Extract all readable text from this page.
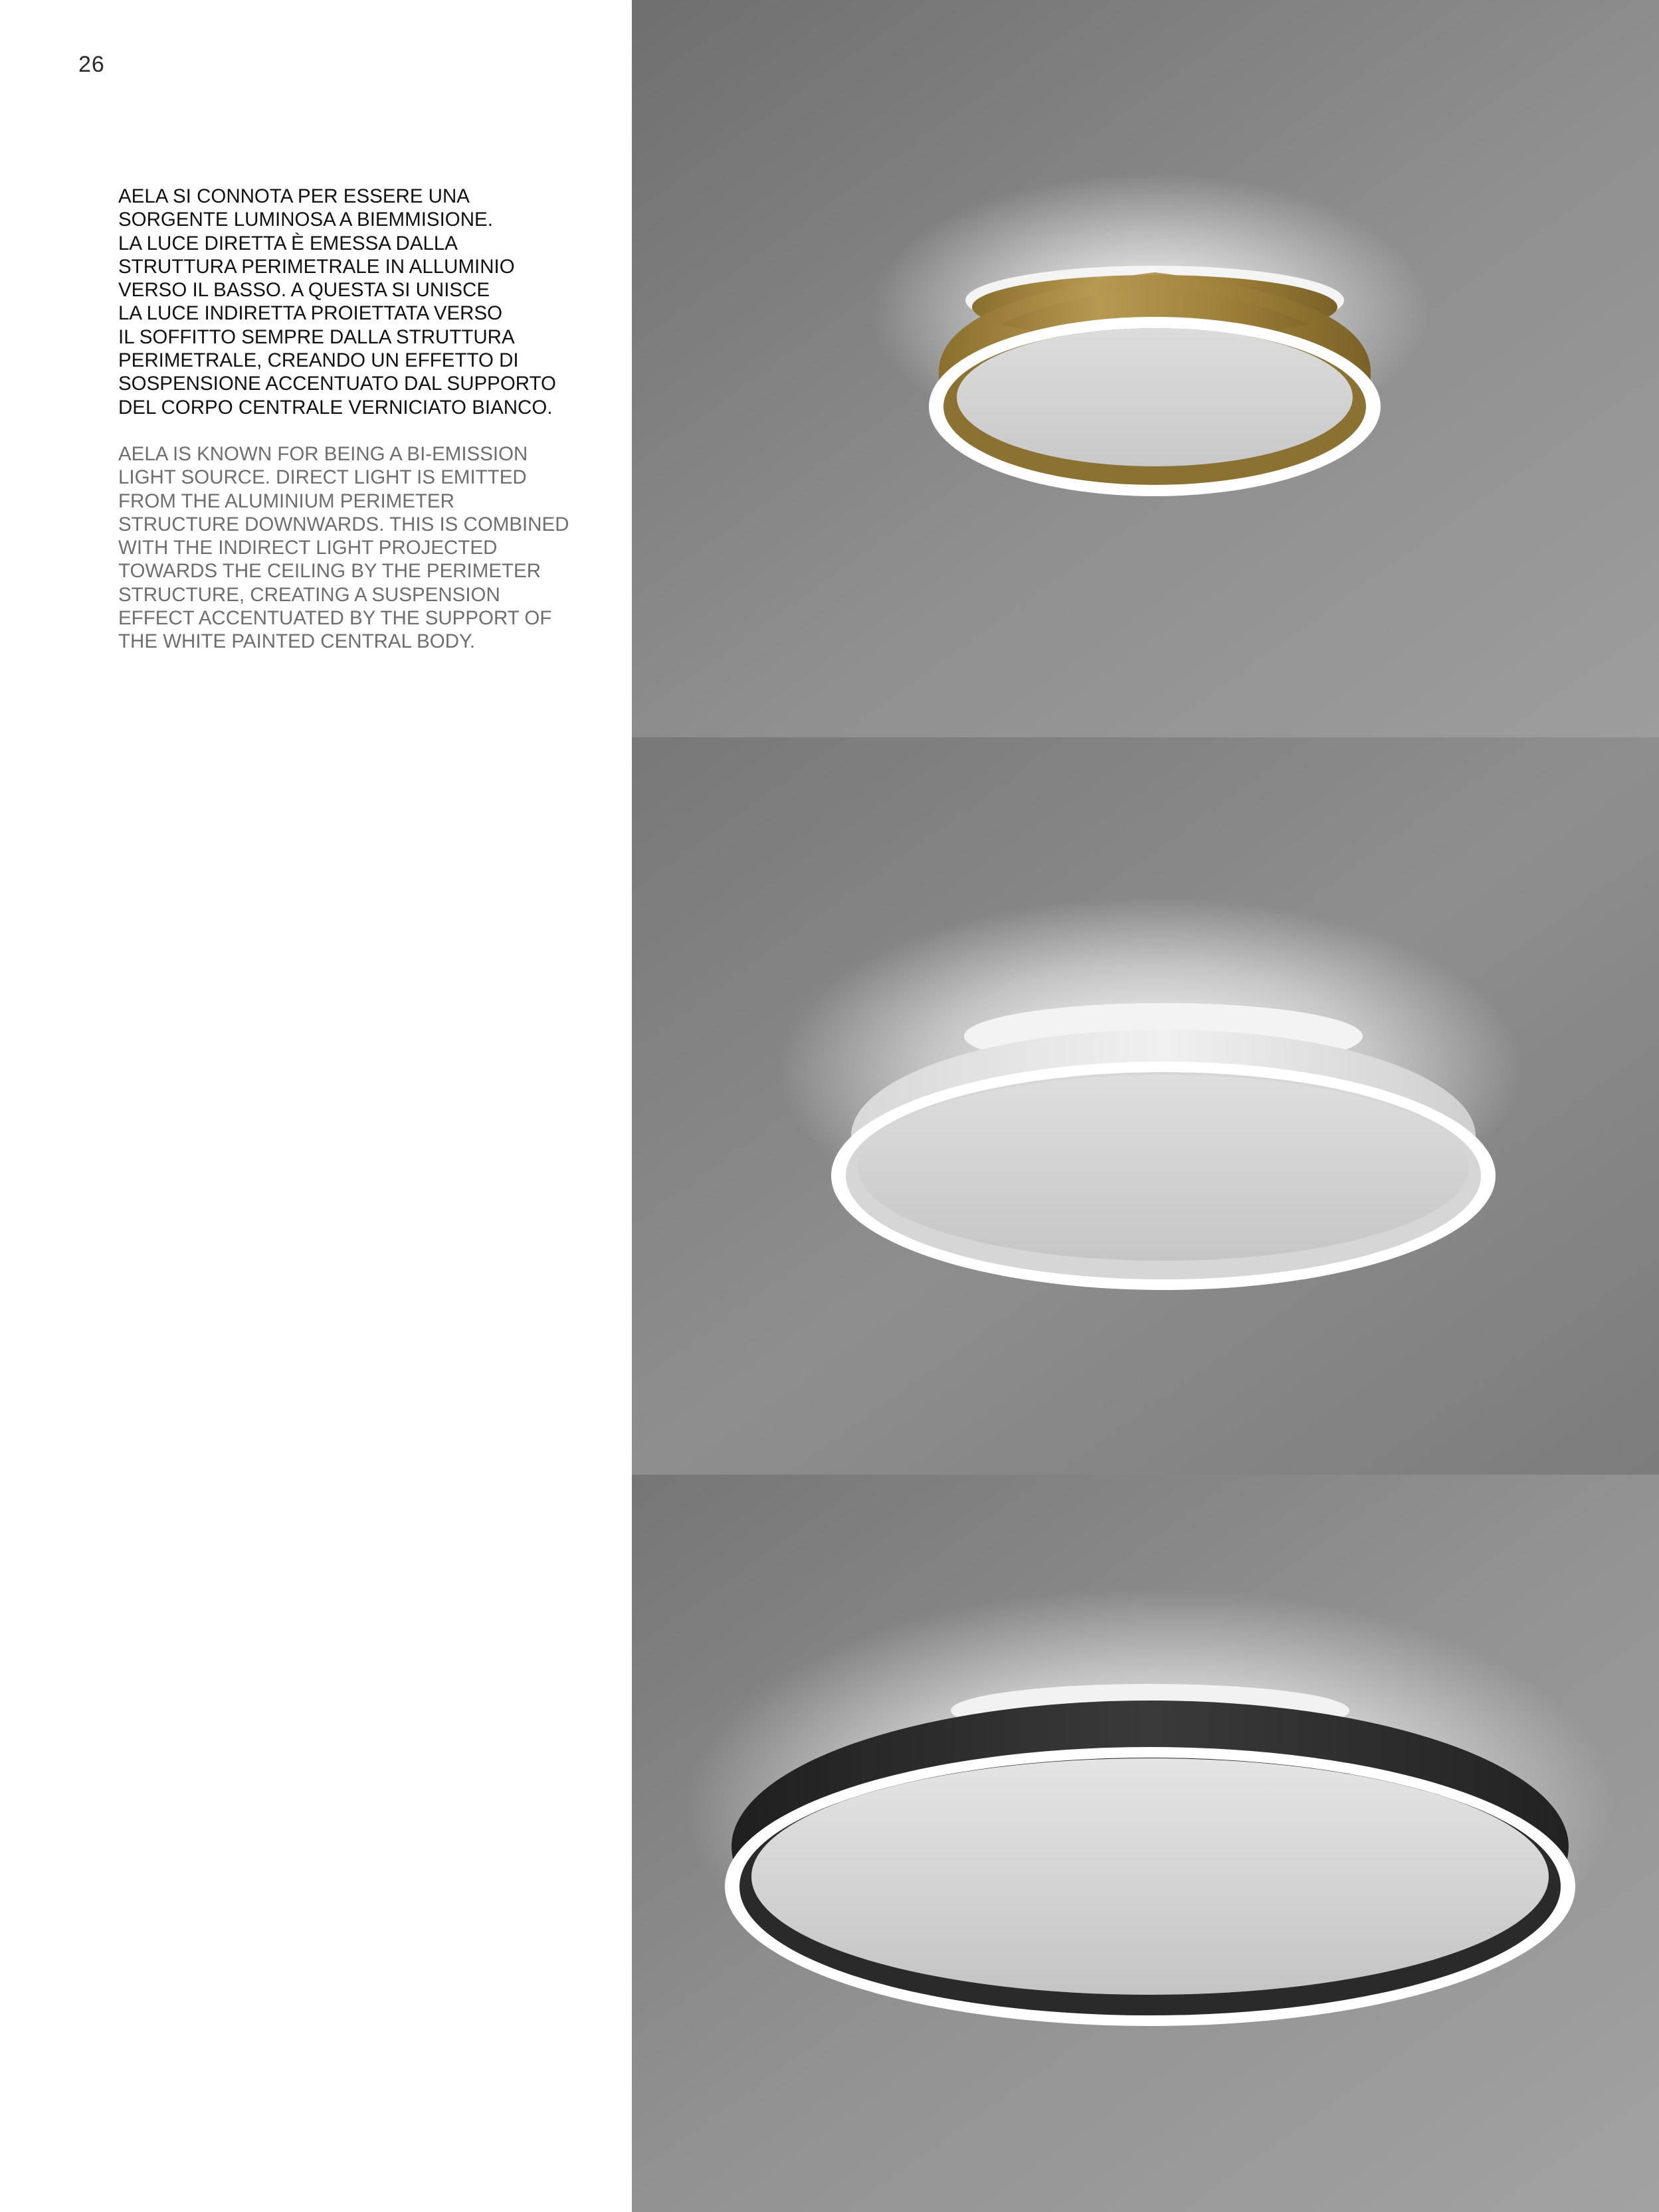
26

AELA SI CONNOTA PER ESSERE UNA
SORGENTE LUMINOSA A BIEMMISIONE.
LA LUCE DIRETTA È EMESSA DALLA
STRUTTURA PERIMETRALE IN ALLUMINIO
VERSO IL BASSO. A QUESTA SI UNISCE
LA LUCE INDIRETTA PROIETTATA VERSO
IL SOFFITTO SEMPRE DALLA STRUTTURA
PERIMETRALE, CREANDO UN EFFETTO DI
SOSPENSIONE ACCENTUATO DAL SUPPORTO
DEL CORPO CENTRALE VERNICIATO BIANCO.

AELA IS KNOWN FOR BEING A BI-EMISSION
LIGHT SOURCE. DIRECT LIGHT IS EMITTED
FROM THE ALUMINIUM PERIMETER
STRUCTURE DOWNWARDS. THIS IS COMBINED
WITH THE INDIRECT LIGHT PROJECTED
TOWARDS THE CEILING BY THE PERIMETER
STRUCTURE, CREATING A SUSPENSION
EFFECT ACCENTUATED BY THE SUPPORT OF
THE WHITE PAINTED CENTRAL BODY.
